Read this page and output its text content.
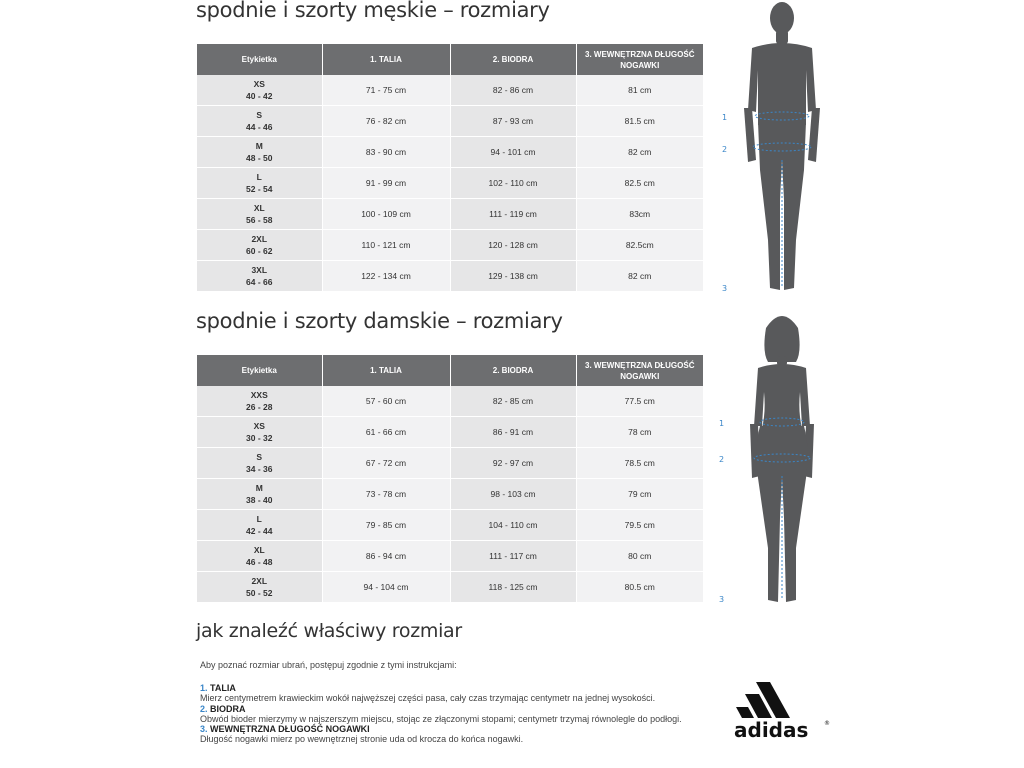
spodnie i szorty męskie – rozmiary
Etykietka	1. TALIA	2. BIODRA	3. WEWNĘTRZNA DŁUGOŚĆ NOGAWKI

XS
40 - 42	71 - 75 cm	82 - 86 cm	81 cm

S
44 - 46	76 - 82 cm	87 - 93 cm	81.5 cm

M
48 - 50	83 - 90 cm	94 - 101 cm	82 cm

L
52 - 54	91 - 99 cm	102 - 110 cm	82.5 cm

XL
56 - 58	100 - 109 cm	111 - 119 cm	83cm

2XL
60 - 62	110 - 121 cm	120 - 128 cm	82.5cm

3XL
64 - 66	122 - 134 cm	129 - 138 cm	82 cm
spodnie i szorty damskie – rozmiary
Etykietka	1. TALIA	2. BIODRA	3. WEWNĘTRZNA DŁUGOŚĆ NOGAWKI

XXS
26 - 28	57 - 60 cm	82 - 85 cm	77.5 cm

XS
30 - 32	61 - 66 cm	86 - 91 cm	78 cm

S
34 - 36	67 - 72 cm	92 - 97 cm	78.5 cm

M
38 - 40	73 - 78 cm	98 - 103 cm	79 cm

L
42 - 44	79 - 85 cm	104 - 110 cm	79.5 cm

XL
46 - 48	86 - 94 cm	111 - 117 cm	80 cm

2XL
50 - 52	94 - 104 cm	118 - 125 cm	80.5 cm
1
2
3
1
2
3
jak znaleźć właściwy rozmiar

Aby poznać rozmiar ubrań, postępuj zgodnie z tymi instrukcjami:

1. TALIA

Mierz centymetrem krawieckim wokół najwęższej części pasa, cały czas trzymając centymetr na jednej wysokości.

2. BIODRA

Obwód bioder mierzymy w najszerszym miejscu, stojąc ze złączonymi stopami; centymetr trzymaj równolegle do podłogi.

3. WEWNĘTRZNA DŁUGOŚĆ NOGAWKI

Długość nogawki mierz po wewnętrznej stronie uda od krocza do końca nogawki.	adidas	®
